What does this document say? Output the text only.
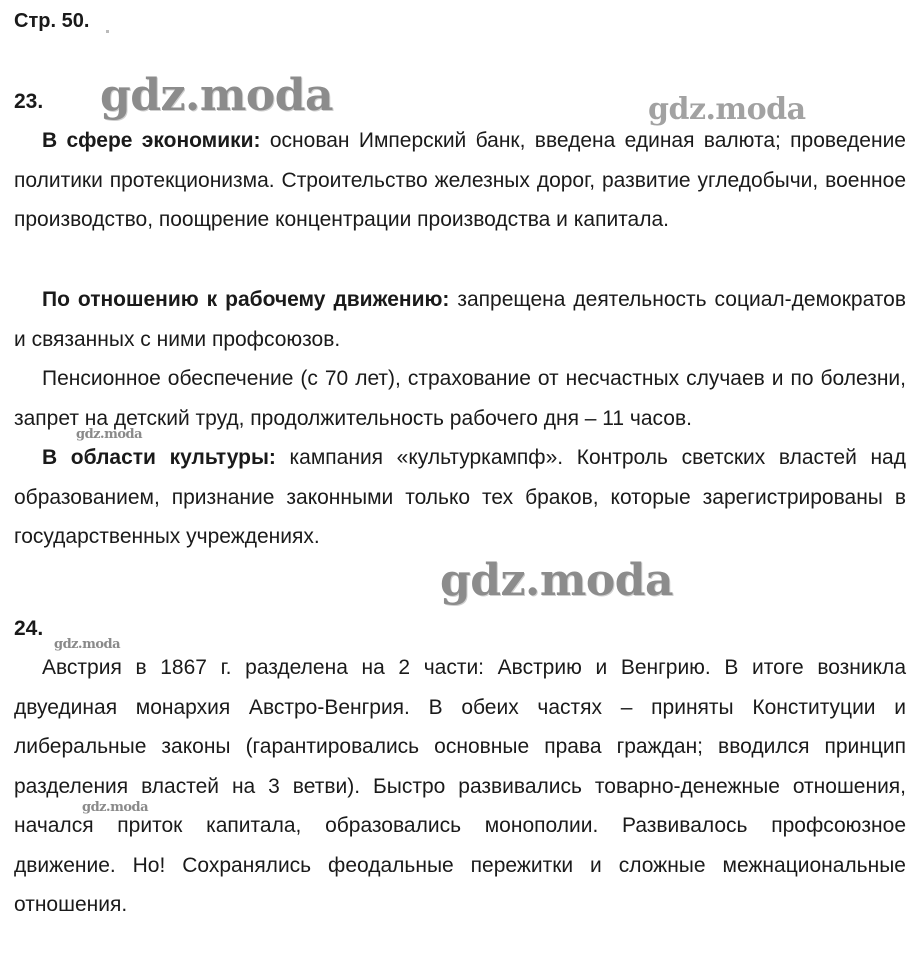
Стр. 50.
gdz.moda	gdz.moda
gdz.moda
gdz.moda
gdz.moda
gdz.moda
23.

В сфере экономики: основан Имперский банк, введена единая валюта; проведение политики протекционизма. Строительство железных дорог, развитие угледобычи, военное производство, поощрение концентрации производства и капитала.

По отношению к рабочему движению: запрещена деятельность социал-демократов и связанных с ними профсоюзов.

Пенсионное обеспечение (с 70 лет), страхование от несчастных случаев и по болезни, запрет на детский труд, продолжительность рабочего дня – 11 часов.

В области культуры: кампания «культуркампф». Контроль светских властей над образованием, признание законными только тех браков, которые зарегистрированы в государственных учреждениях.

24.

Австрия в 1867 г. разделена на 2 части: Австрию и Венгрию. В итоге возникла двуединая монархия Австро-Венгрия. В обеих частях – приняты Конституции и либеральные законы (гарантировались основные права граждан; вводился принцип разделения властей на 3 ветви). Быстро развивались товарно-денежные отношения, начался приток капитала, образовались монополии. Развивалось профсоюзное движение. Но! Сохранялись феодальные пережитки и сложные межнациональные отношения.
